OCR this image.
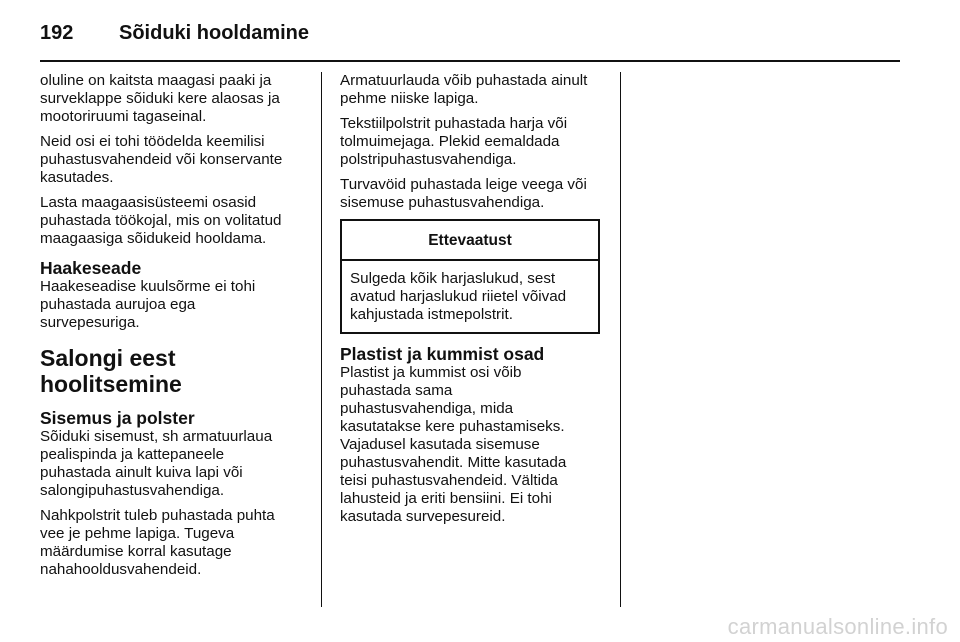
192 Sõiduki hooldamine

oluline on kaitsta maagasi paaki ja
surveklappe sõiduki kere alaosas ja
mootoriruumi tagaseinal.

Neid osi ei tohi töödelda keemilisi
puhastusvahendeid või konservante
kasutades.

Lasta maagaasisüsteemi osasid
puhastada töökojal, mis on volitatud
maagaasiga sõidukeid hooldama.

Haakeseade

Haakeseadise kuulsõrme ei tohi
puhastada aurujoa ega
survepesuriga.

Salongi eest hoolitsemine
Sisemus ja polster

Sõiduki sisemust, sh armatuurlaua
pealispinda ja kattepaneele
puhastada ainult kuiva lapi või
salongipuhastusvahendiga.

Nahkpolstrit tuleb puhastada puhta
vee je pehme lapiga. Tugeva
määrdumise korral kasutage
nahahooldusvahendeid.

Armatuurlauda võib puhastada ainult
pehme niiske lapiga.

Tekstiilpolstrit puhastada harja või
tolmuimejaga. Plekid eemaldada
polstripuhastusvahendiga.

Turvavöid puhastada leige veega või
sisemuse puhastusvahendiga.

Ettevaatust
Sulgeda kõik harjaslukud, sest
avatud harjaslukud riietel võivad
kahjustada istmepolstrit.
Plastist ja kummist osad

Plastist ja kummist osi võib
puhastada sama
puhastusvahendiga, mida
kasutatakse kere puhastamiseks.
Vajadusel kasutada sisemuse
puhastusvahendit. Mitte kasutada
teisi puhastusvahendeid. Vältida
lahusteid ja eriti bensiini. Ei tohi
kasutada survepesureid.

carmanualsonline.info
